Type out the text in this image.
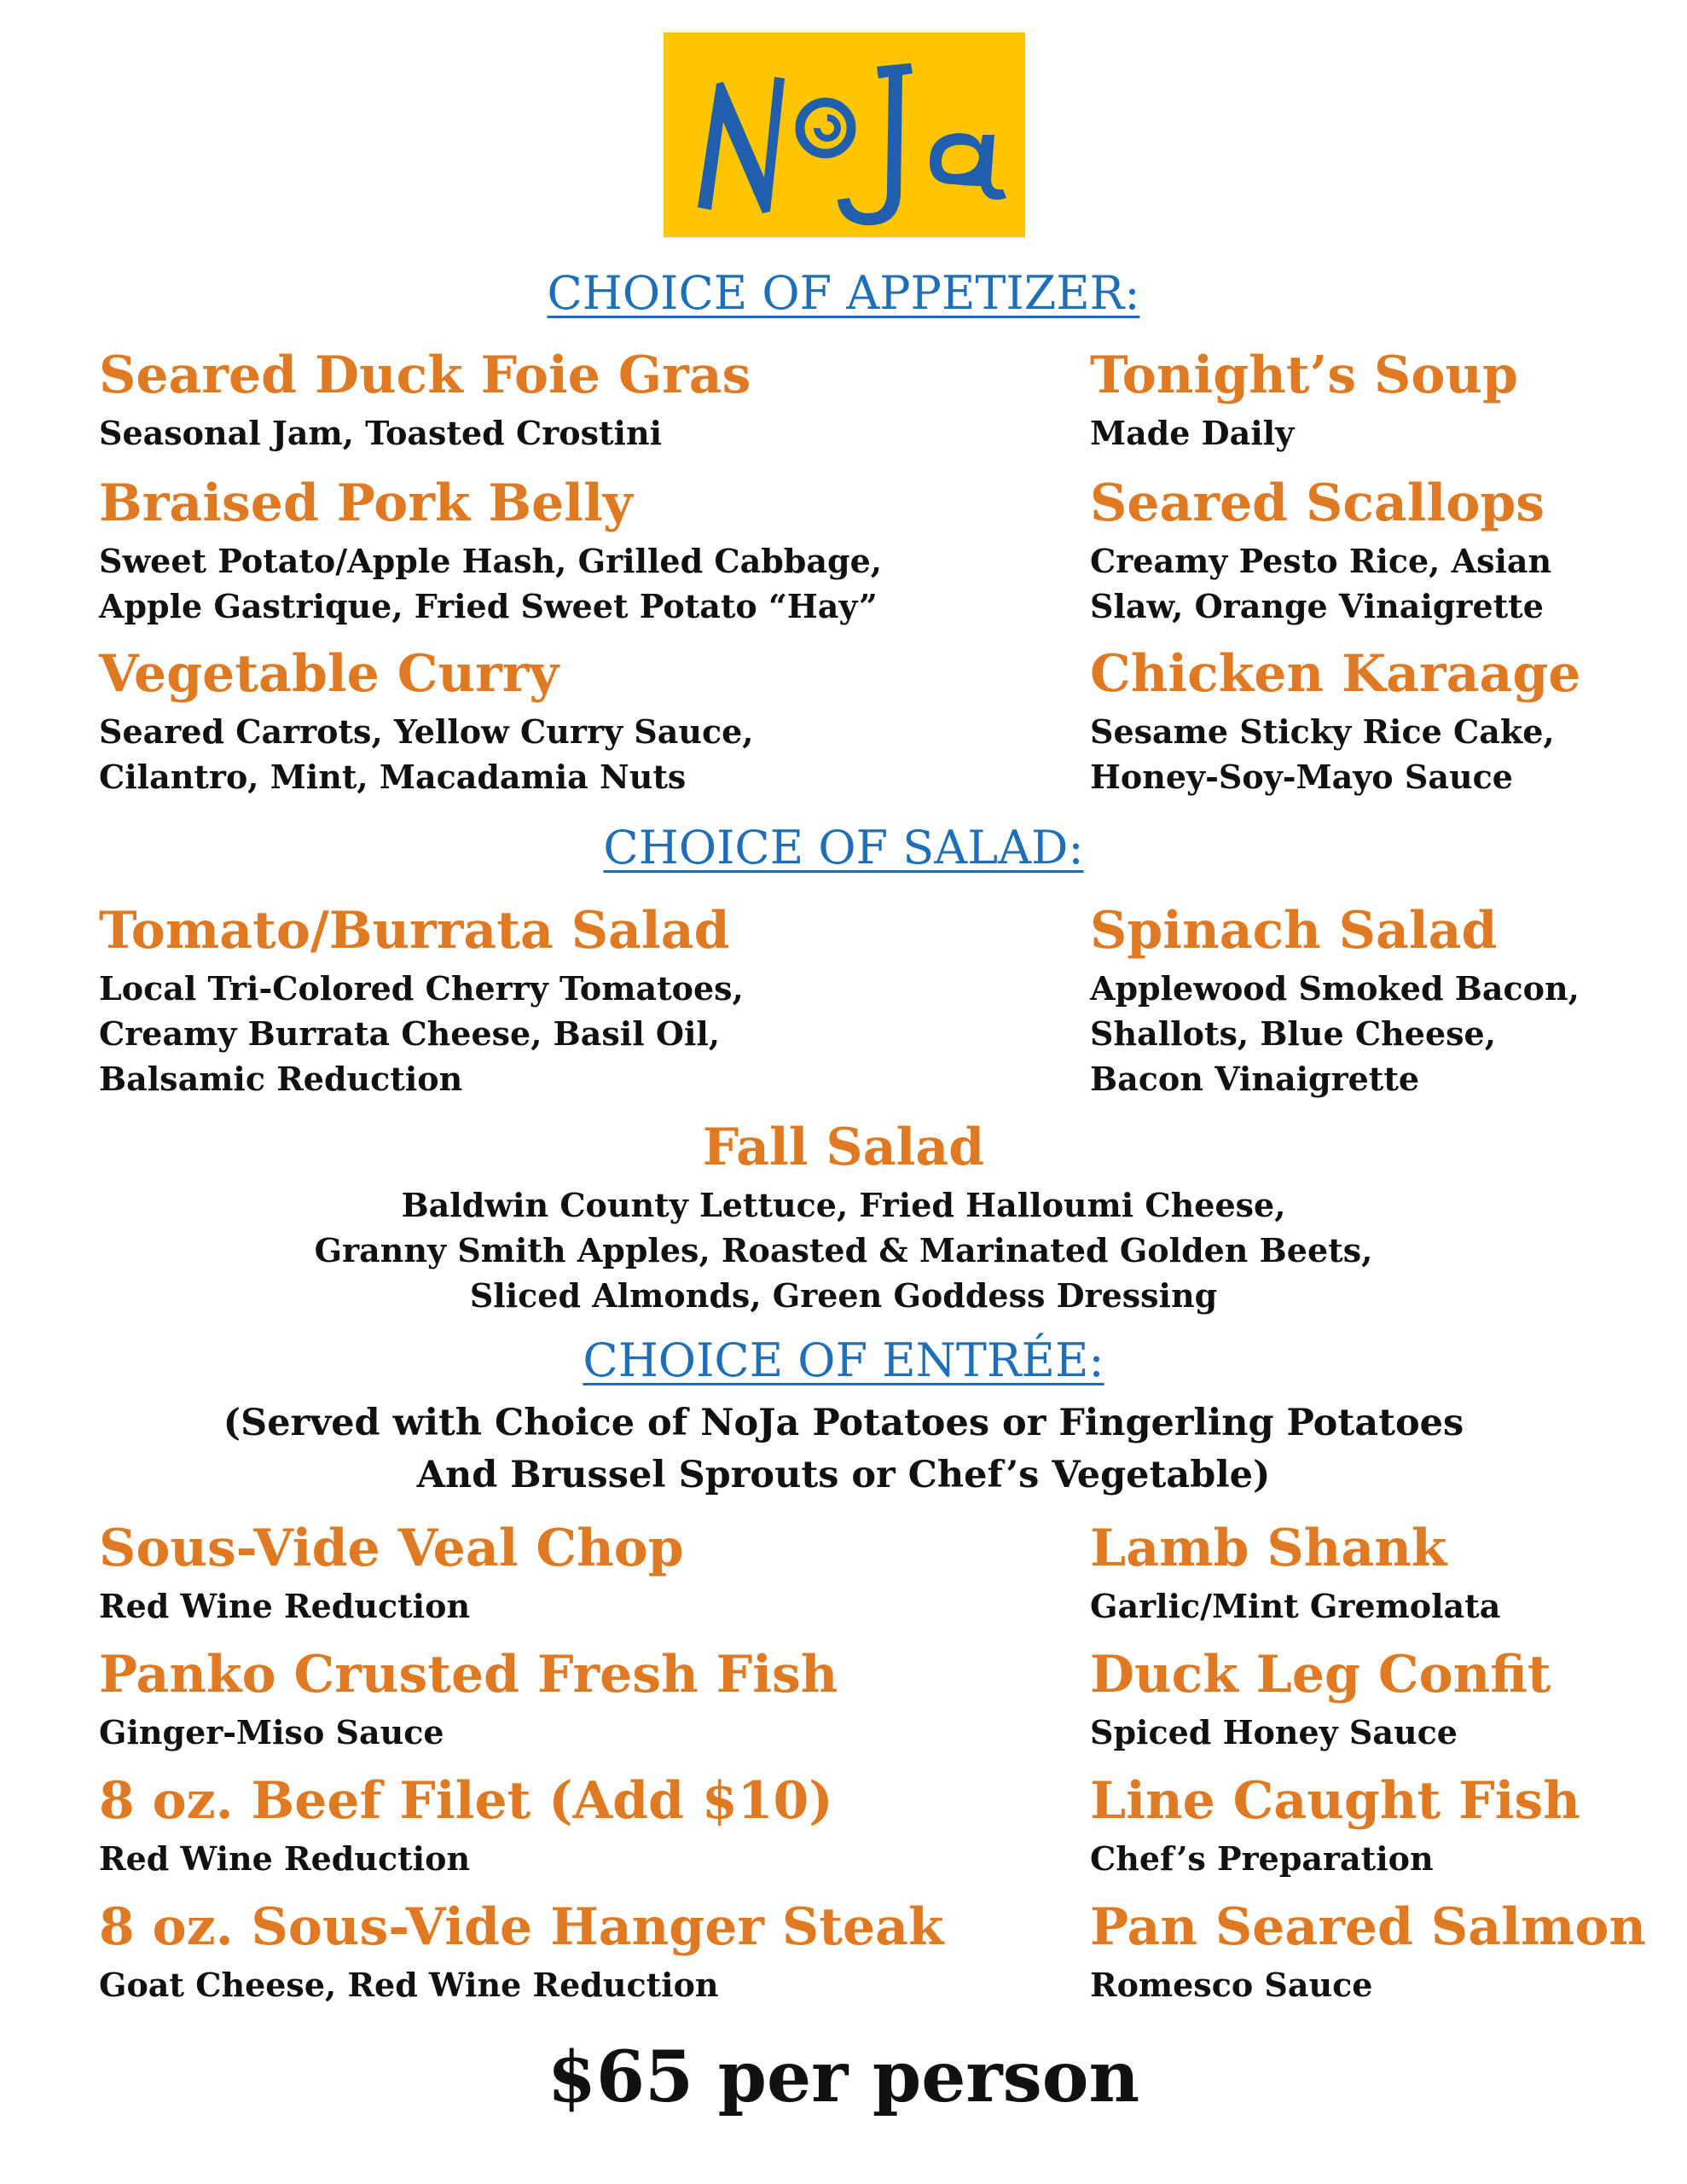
CHOICE OF APPETIZER:
Seared Duck Foie Gras
Seasonal Jam, Toasted Crostini
Tonight’s Soup
Made Daily
Braised Pork Belly
Sweet Potato/Apple Hash, Grilled Cabbage,
Apple Gastrique, Fried Sweet Potato “Hay”
Seared Scallops
Creamy Pesto Rice, Asian
Slaw, Orange Vinaigrette
Vegetable Curry
Seared Carrots, Yellow Curry Sauce,
Cilantro, Mint, Macadamia Nuts
Chicken Karaage
Sesame Sticky Rice Cake,
Honey-Soy-Mayo Sauce
CHOICE OF SALAD:
Tomato/Burrata Salad
Local Tri-Colored Cherry Tomatoes,
Creamy Burrata Cheese, Basil Oil,
Balsamic Reduction
Spinach Salad
Applewood Smoked Bacon,
Shallots, Blue Cheese,
Bacon Vinaigrette
Fall Salad
Baldwin County Lettuce, Fried Halloumi Cheese,
Granny Smith Apples, Roasted & Marinated Golden Beets,
Sliced Almonds, Green Goddess Dressing
CHOICE OF ENTRÉE:
(Served with Choice of NoJa Potatoes or Fingerling Potatoes
And Brussel Sprouts or Chef’s Vegetable)
Sous-Vide Veal Chop
Red Wine Reduction
Lamb Shank
Garlic/Mint Gremolata
Panko Crusted Fresh Fish
Ginger-Miso Sauce
Duck Leg Confit
Spiced Honey Sauce
8 oz. Beef Filet (Add $10)
Red Wine Reduction
Line Caught Fish
Chef’s Preparation
8 oz. Sous-Vide Hanger Steak
Goat Cheese, Red Wine Reduction
Pan Seared Salmon
Romesco Sauce
$65 per person
